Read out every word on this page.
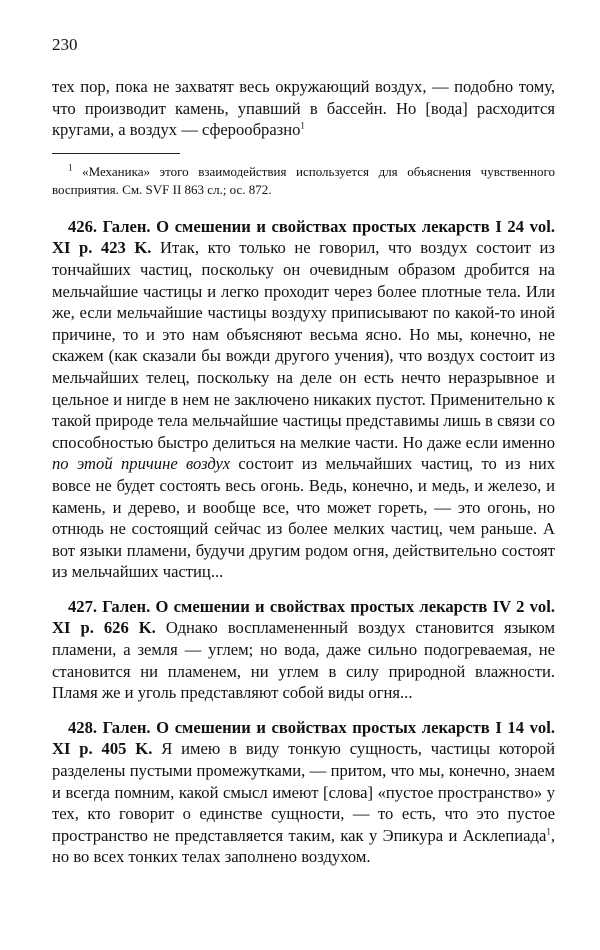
230

тех пор, пока не захватят весь окружающий воздух, — подобно тому, что производит камень, упавший в бассейн. Но [вода] расходится кругами, а воздух — сферообразно$^1$

$^1$ «Механика» этого взаимодействия используется для объяснения чувственного восприятия. См. SVF II 863 сл.; ос. 872.

426. Гален. О смешении и свойствах простых лекарств I 24 vol. XI p. 423 K. Итак, кто только не говорил, что воздух состоит из тончайших частиц, поскольку он очевидным образом дробится на мельчайшие частицы и легко проходит через более плотные тела. Или же, если мельчайшие частицы воздуху приписывают по какой-то иной причине, то и это нам объясняют весьма ясно. Но мы, конечно, не скажем (как сказали бы вожди другого учения), что воздух состоит из мельчайших телец, поскольку на деле он есть нечто неразрывное и цельное и нигде в нем не заключено никаких пустот. Применительно к такой природе тела мельчайшие частицы представимы лишь в связи со способностью быстро делиться на мелкие части. Но даже если именно по этой причине воздух состоит из мельчайших частиц, то из них вовсе не будет состоять весь огонь. Ведь, конечно, и медь, и железо, и камень, и дерево, и вообще все, что может гореть, — это огонь, но отнюдь не состоящий сейчас из более мелких частиц, чем раньше. А вот языки пламени, будучи другим родом огня, действительно состоят из мельчайших частиц...

427. Гален. О смешении и свойствах простых лекарств IV 2 vol. XI p. 626 K. Однако воспламененный воздух становится языком пламени, а земля — углем; но вода, даже сильно подогреваемая, не становится ни пламенем, ни углем в силу природной влажности. Пламя же и уголь представляют собой виды огня...

428. Гален. О смешении и свойствах простых лекарств I 14 vol. XI p. 405 K. Я имею в виду тонкую сущность, частицы которой разделены пустыми промежутками, — притом, что мы, конечно, знаем и всегда помним, какой смысл имеют [слова] «пустое пространство» у тех, кто говорит о единстве сущности, — то есть, что это пустое пространство не представляется таким, как у Эпикура и Асклепиада$^1$, но во всех тонких телах заполнено воздухом.
